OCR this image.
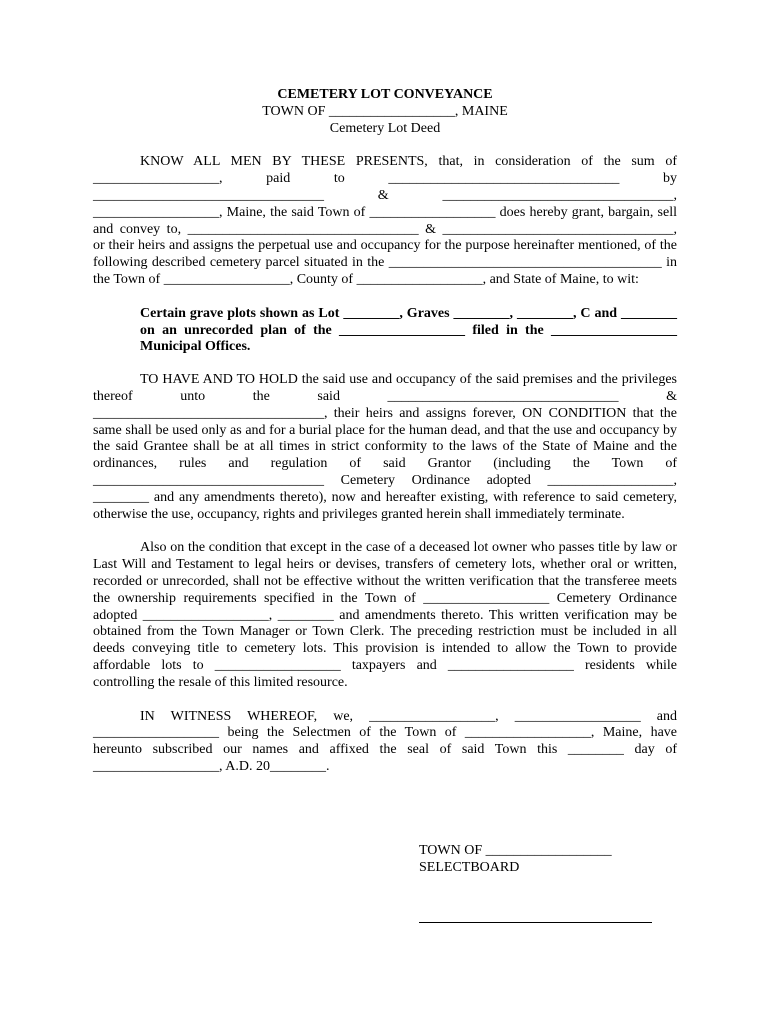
CEMETERY LOT CONVEYANCE

TOWN OF __________________, MAINE

Cemetery Lot Deed

KNOW ALL MEN BY THESE PRESENTS, that, in consideration of the sum of __________________, paid to _________________________________ by _________________________________ & _________________________________, __________________, Maine, the said Town of __________________ does hereby grant, bargain, sell and convey to, _________________________________ & _________________________________, or their heirs and assigns the perpetual use and occupancy for the purpose hereinafter mentioned, of the following described cemetery parcel situated in the _______________________________________ in the Town of __________________, County of __________________, and State of Maine, to wit:

Certain grave plots shown as Lot ________, Graves ________, ________, C and ________ on an unrecorded plan of the __________________ filed in the __________________ Municipal Offices.

TO HAVE AND TO HOLD the said use and occupancy of the said premises and the privileges thereof unto the said _________________________________ & _________________________________, their heirs and assigns forever, ON CONDITION that the same shall be used only as and for a burial place for the human dead, and that the use and occupancy by the said Grantee shall be at all times in strict conformity to the laws of the State of Maine and the ordinances, rules and regulation of said Grantor (including the Town of _________________________________ Cemetery Ordinance adopted __________________, ________ and any amendments thereto), now and hereafter existing, with reference to said cemetery, otherwise the use, occupancy, rights and privileges granted herein shall immediately terminate.

Also on the condition that except in the case of a deceased lot owner who passes title by law or Last Will and Testament to legal heirs or devises, transfers of cemetery lots, whether oral or written, recorded or unrecorded, shall not be effective without the written verification that the transferee meets the ownership requirements specified in the Town of __________________ Cemetery Ordinance adopted __________________, ________ and amendments thereto. This written verification may be obtained from the Town Manager or Town Clerk. The preceding restriction must be included in all deeds conveying title to cemetery lots. This provision is intended to allow the Town to provide affordable lots to __________________ taxpayers and __________________ residents while controlling the resale of this limited resource.

IN WITNESS WHEREOF, we, __________________, __________________ and __________________ being the Selectmen of the Town of __________________, Maine, have hereunto subscribed our names and affixed the seal of said Town this ________ day of __________________, A.D. 20________.

TOWN OF __________________
SELECTBOARD
